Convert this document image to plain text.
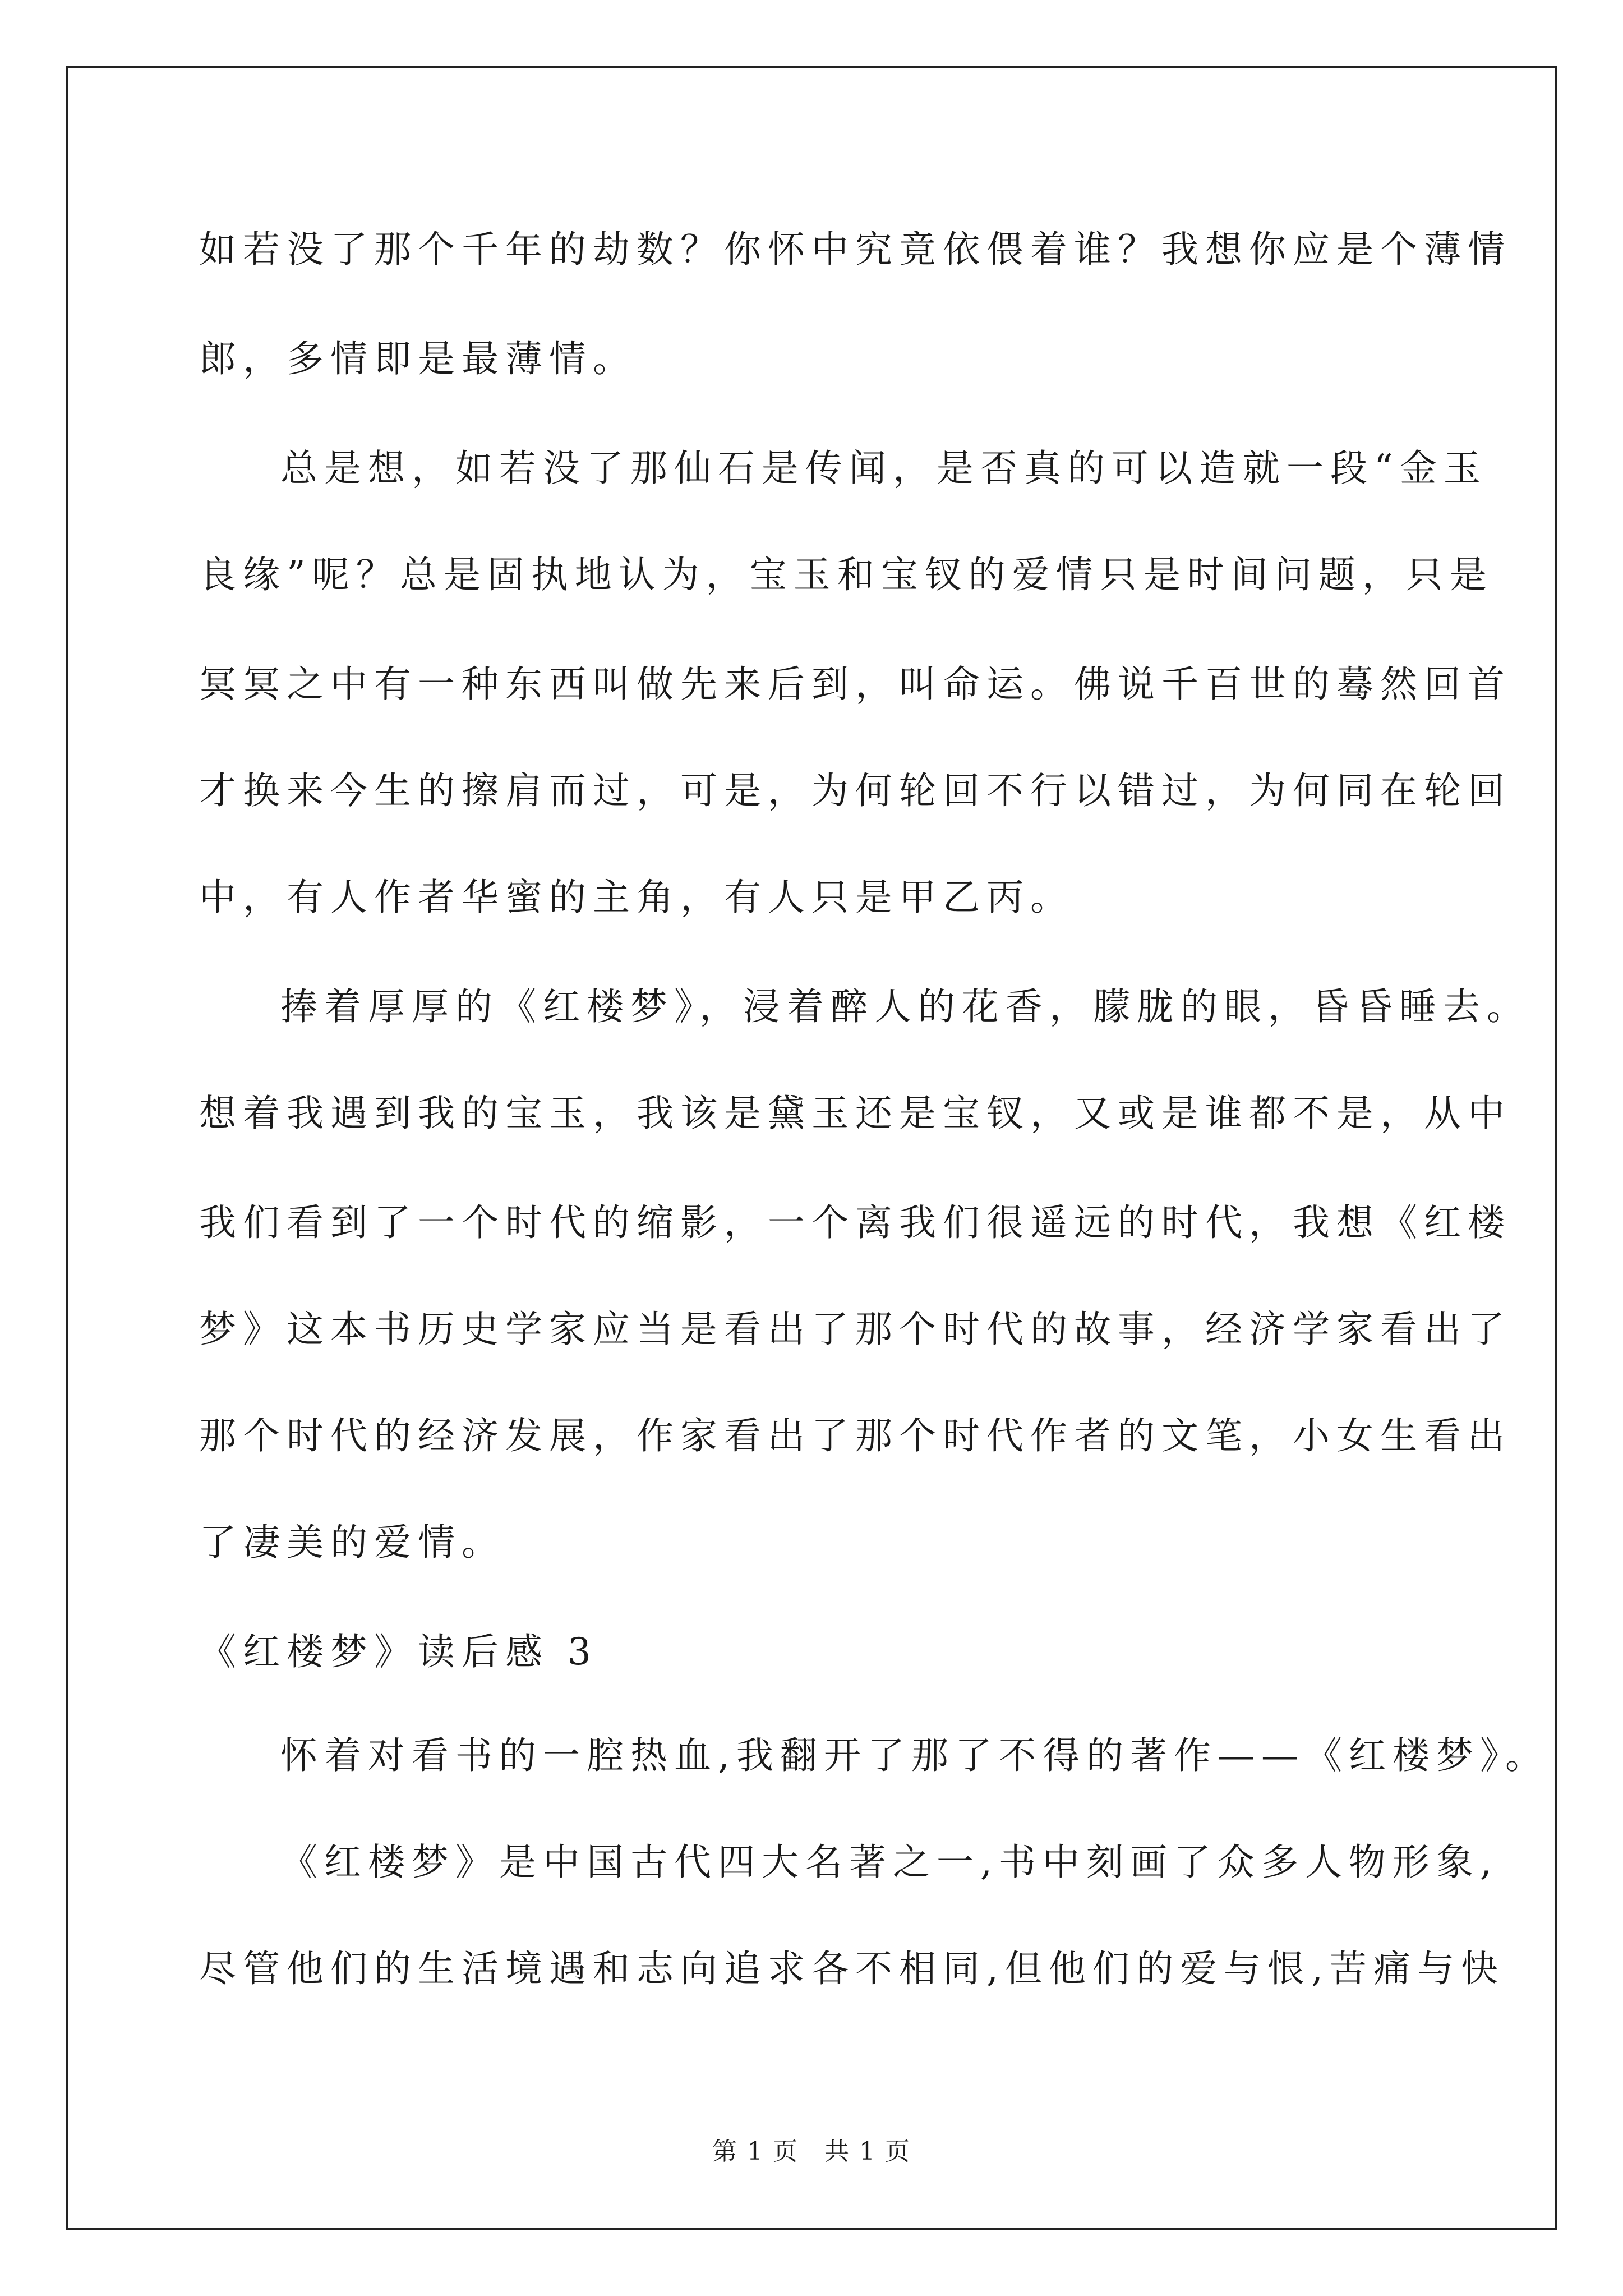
如若没了那个千年的劫数？你怀中究竟依偎着谁？我想你应是个薄情
郎，多情即是最薄情。
总是想，如若没了那仙石是传闻，是否真的可以造就一段“金玉
良缘”呢？总是固执地认为，宝玉和宝钗的爱情只是时间问题，只是
冥冥之中有一种东西叫做先来后到，叫命运。佛说千百世的蓦然回首
才换来今生的擦肩而过，可是，为何轮回不行以错过，为何同在轮回
中，有人作者华蜜的主角，有人只是甲乙丙。
捧着厚厚的《红楼梦》，浸着醉人的花香，朦胧的眼，昏昏睡去。
想着我遇到我的宝玉，我该是黛玉还是宝钗，又或是谁都不是，从中
我们看到了一个时代的缩影，一个离我们很遥远的时代，我想《红楼
梦》这本书历史学家应当是看出了那个时代的故事，经济学家看出了
那个时代的经济发展，作家看出了那个时代作者的文笔，小女生看出
了凄美的爱情。
《红楼梦》读后感 3
怀着对看书的一腔热血,我翻开了那了不得的著作——《红楼梦》。
《红楼梦》是中国古代四大名著之一,书中刻画了众多人物形象,
尽管他们的生活境遇和志向追求各不相同,但他们的爱与恨,苦痛与快
第 1 页　共 1 页
